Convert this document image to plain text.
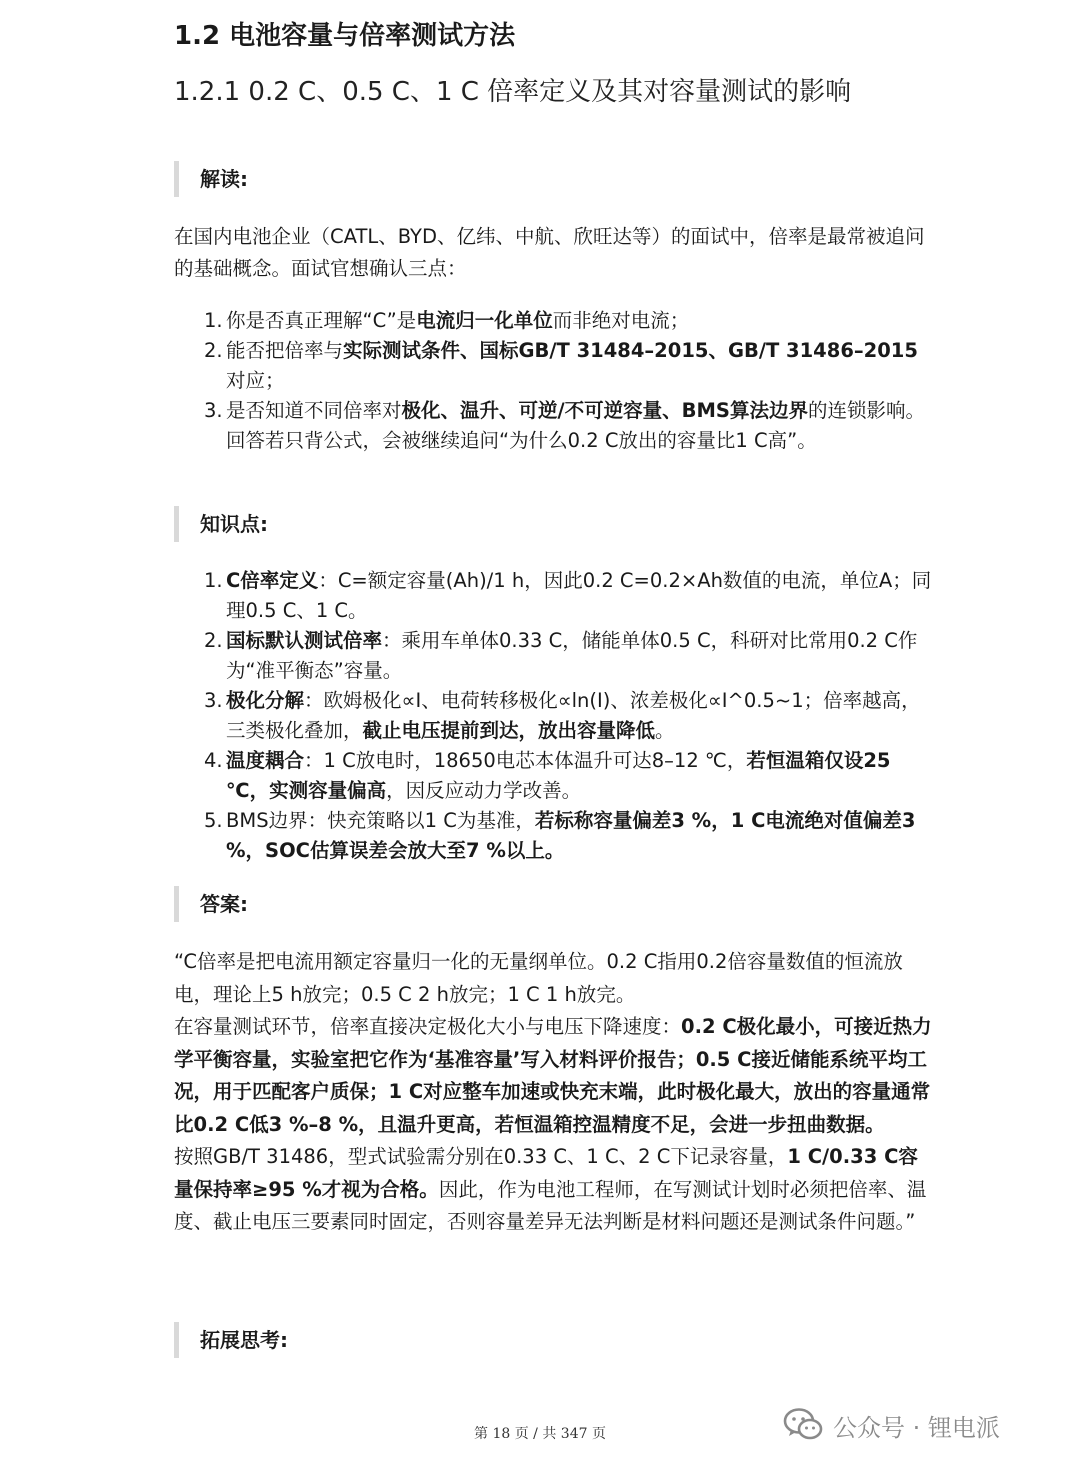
1.2 电池容量与倍率测试方法
1.2.1 0.2 C、0.5 C、1 C 倍率定义及其对容量测试的影响
解读:

在国内电池企业（CATL、BYD、亿纬、中航、欣旺达等）的面试中，倍率是最常被追问的基础概念。面试官想确认三点：

1. 你是否真正理解“C”是电流归一化单位而非绝对电流；
2. 能否把倍率与实际测试条件、国标GB/T 31484–2015、GB/T 31486–2015对应；
3. 是否知道不同倍率对极化、温升、可逆/不可逆容量、BMS算法边界的连锁影响。回答若只背公式，会被继续追问“为什么0.2 C放出的容量比1 C高”。
知识点:
1. C倍率定义：C=额定容量(Ah)/1 h，因此0.2 C=0.2×Ah数值的电流，单位A；同理0.5 C、1 C。
2. 国标默认测试倍率：乘用车单体0.33 C，储能单体0.5 C，科研对比常用0.2 C作为“准平衡态”容量。
3. 极化分解：欧姆极化∝I、电荷转移极化∝ln(I)、浓差极化∝I^0.5~1；倍率越高，三类极化叠加，截止电压提前到达，放出容量降低。
4. 温度耦合：1 C放电时，18650电芯本体温升可达8–12 ℃，若恒温箱仅设25 ℃，实测容量偏高，因反应动力学改善。
5. BMS边界：快充策略以1 C为基准，若标称容量偏差3 %，1 C电流绝对值偏差3 %，SOC估算误差会放大至7 %以上。
答案:

“C倍率是把电流用额定容量归一化的无量纲单位。0.2 C指用0.2倍容量数值的恒流放电，理论上5 h放完；0.5 C 2 h放完；1 C 1 h放完。

在容量测试环节，倍率直接决定极化大小与电压下降速度：0.2 C极化最小，可接近热力学平衡容量，实验室把它作为‘基准容量’写入材料评价报告；0.5 C接近储能系统平均工况，用于匹配客户质保；1 C对应整车加速或快充末端，此时极化最大，放出的容量通常比0.2 C低3 %–8 %，且温升更高，若恒温箱控温精度不足，会进一步扭曲数据。

按照GB/T 31486，型式试验需分别在0.33 C、1 C、2 C下记录容量，1 C/0.33 C容量保持率≥95 %才视为合格。因此，作为电池工程师，在写测试计划时必须把倍率、温度、截止电压三要素同时固定，否则容量差异无法判断是材料问题还是测试条件问题。”

拓展思考:
第 18 页 / 共 347 页	公众号 · 锂电派
